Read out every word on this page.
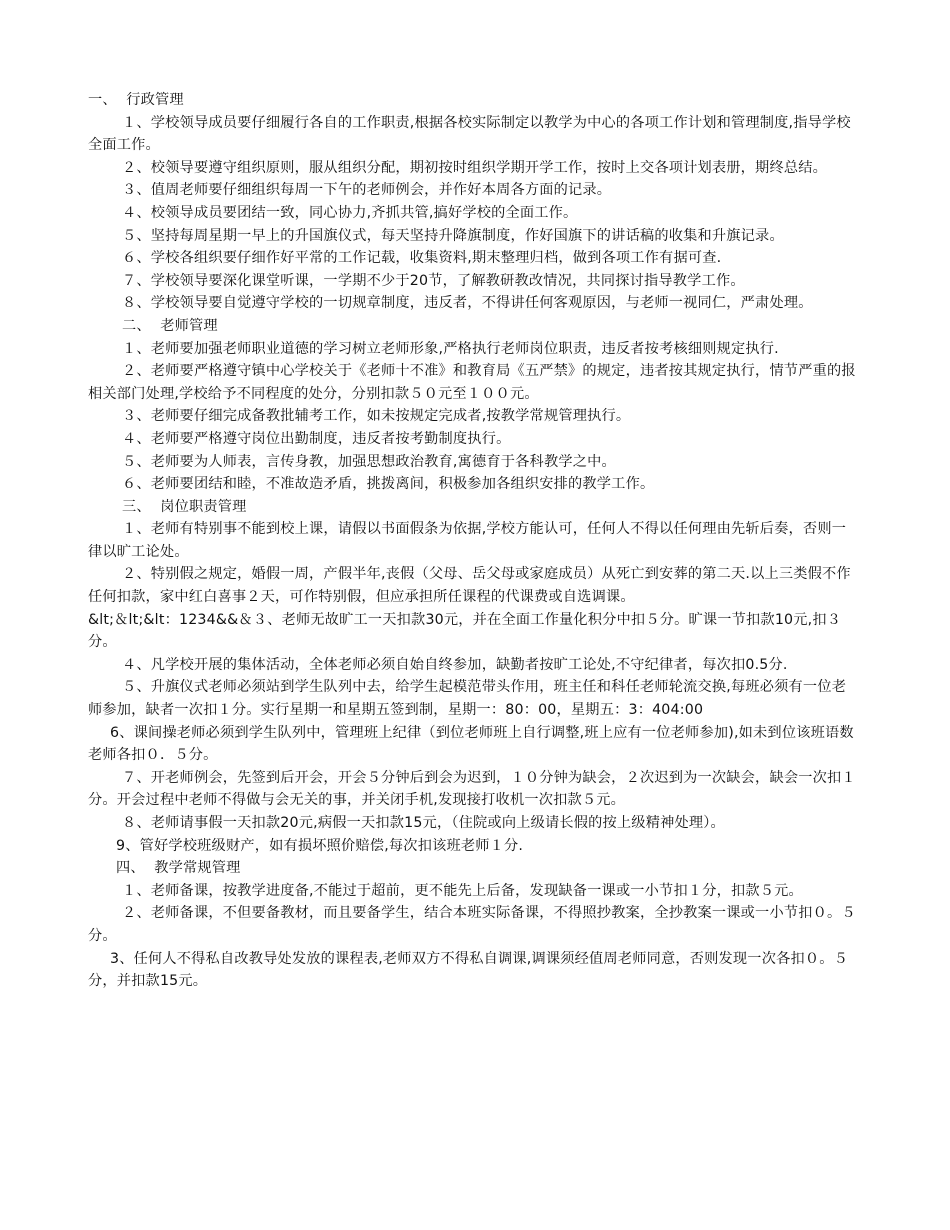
一、  行政管理

１、学校领导成员要仔细履行各自的工作职责,根据各校实际制定以教学为中心的各项工作计划和管理制度,指导学校全面工作。

２、校领导要遵守组织原则，服从组织分配，期初按时组织学期开学工作，按时上交各项计划表册，期终总结。

３、值周老师要仔细组织每周一下午的老师例会，并作好本周各方面的记录。

４、校领导成员要团结一致，同心协力,齐抓共管,搞好学校的全面工作。

５、坚持每周星期一早上的升国旗仪式，每天坚持升降旗制度，作好国旗下的讲话稿的收集和升旗记录。

６、学校各组织要仔细作好平常的工作记载，收集资料,期末整理归档，做到各项工作有据可查.

７、学校领导要深化课堂听课，一学期不少于20节，了解教研教改情况，共同探讨指导教学工作。

８、学校领导要自觉遵守学校的一切规章制度，违反者，不得讲任何客观原因，与老师一视同仁，严肃处理。

二、  老师管理

１、老师要加强老师职业道德的学习树立老师形象,严格执行老师岗位职责，违反者按考核细则规定执行.

２、老师要严格遵守镇中心学校关于《老师十不准》和教育局《五严禁》的规定，违者按其规定执行，情节严重的报相关部门处理,学校给予不同程度的处分，分别扣款５０元至１００元。

３、老师要仔细完成备教批辅考工作，如未按规定完成者,按教学常规管理执行。

４、老师要严格遵守岗位出勤制度，违反者按考勤制度执行。

５、老师要为人师表，言传身教，加强思想政治教育,寓德育于各科教学之中。

６、老师要团结和睦，不准故造矛盾，挑拨离间，积极参加各组织安排的教学工作。

三、  岗位职责管理

１、老师有特别事不能到校上课，请假以书面假条为依据,学校方能认可，任何人不得以任何理由先斩后奏，否则一律以旷工论处。

２、特别假之规定，婚假一周，产假半年,丧假（父母、岳父母或家庭成员）从死亡到安葬的第二天.以上三类假不作任何扣款，家中红白喜事２天，可作特别假，但应承担所任课程的代课费或自选调课。

&lt;＆lt;&lt：1234&&＆３、老师无故旷工一天扣款30元，并在全面工作量化积分中扣５分。旷课一节扣款10元,扣３分。

４、凡学校开展的集体活动，全体老师必须自始自终参加，缺勤者按旷工论处,不守纪律者，每次扣0.5分.

５、升旗仪式老师必须站到学生队列中去，给学生起模范带头作用，班主任和科任老师轮流交换,每班必须有一位老师参加，缺者一次扣１分。实行星期一和星期五签到制，星期一：80：00，星期五：3：404:00

6、课间操老师必须到学生队列中，管理班上纪律（到位老师班上自行调整,班上应有一位老师参加),如未到位该班语数老师各扣０．５分。

７、开老师例会，先签到后开会，开会５分钟后到会为迟到，１０分钟为缺会，２次迟到为一次缺会，缺会一次扣１分。开会过程中老师不得做与会无关的事，并关闭手机,发现接打收机一次扣款５元。

８、老师请事假一天扣款20元,病假一天扣款15元，（住院或向上级请长假的按上级精神处理）。

9、管好学校班级财产，如有损坏照价赔偿,每次扣该班老师１分.

四、  教学常规管理

１、老师备课，按教学进度备,不能过于超前，更不能先上后备，发现缺备一课或一小节扣１分，扣款５元。

２、老师备课，不但要备教材，而且要备学生，结合本班实际备课，不得照抄教案，全抄教案一课或一小节扣０。５分。

3、任何人不得私自改教导处发放的课程表,老师双方不得私自调课,调课须经值周老师同意，否则发现一次各扣０。５分，并扣款15元。
